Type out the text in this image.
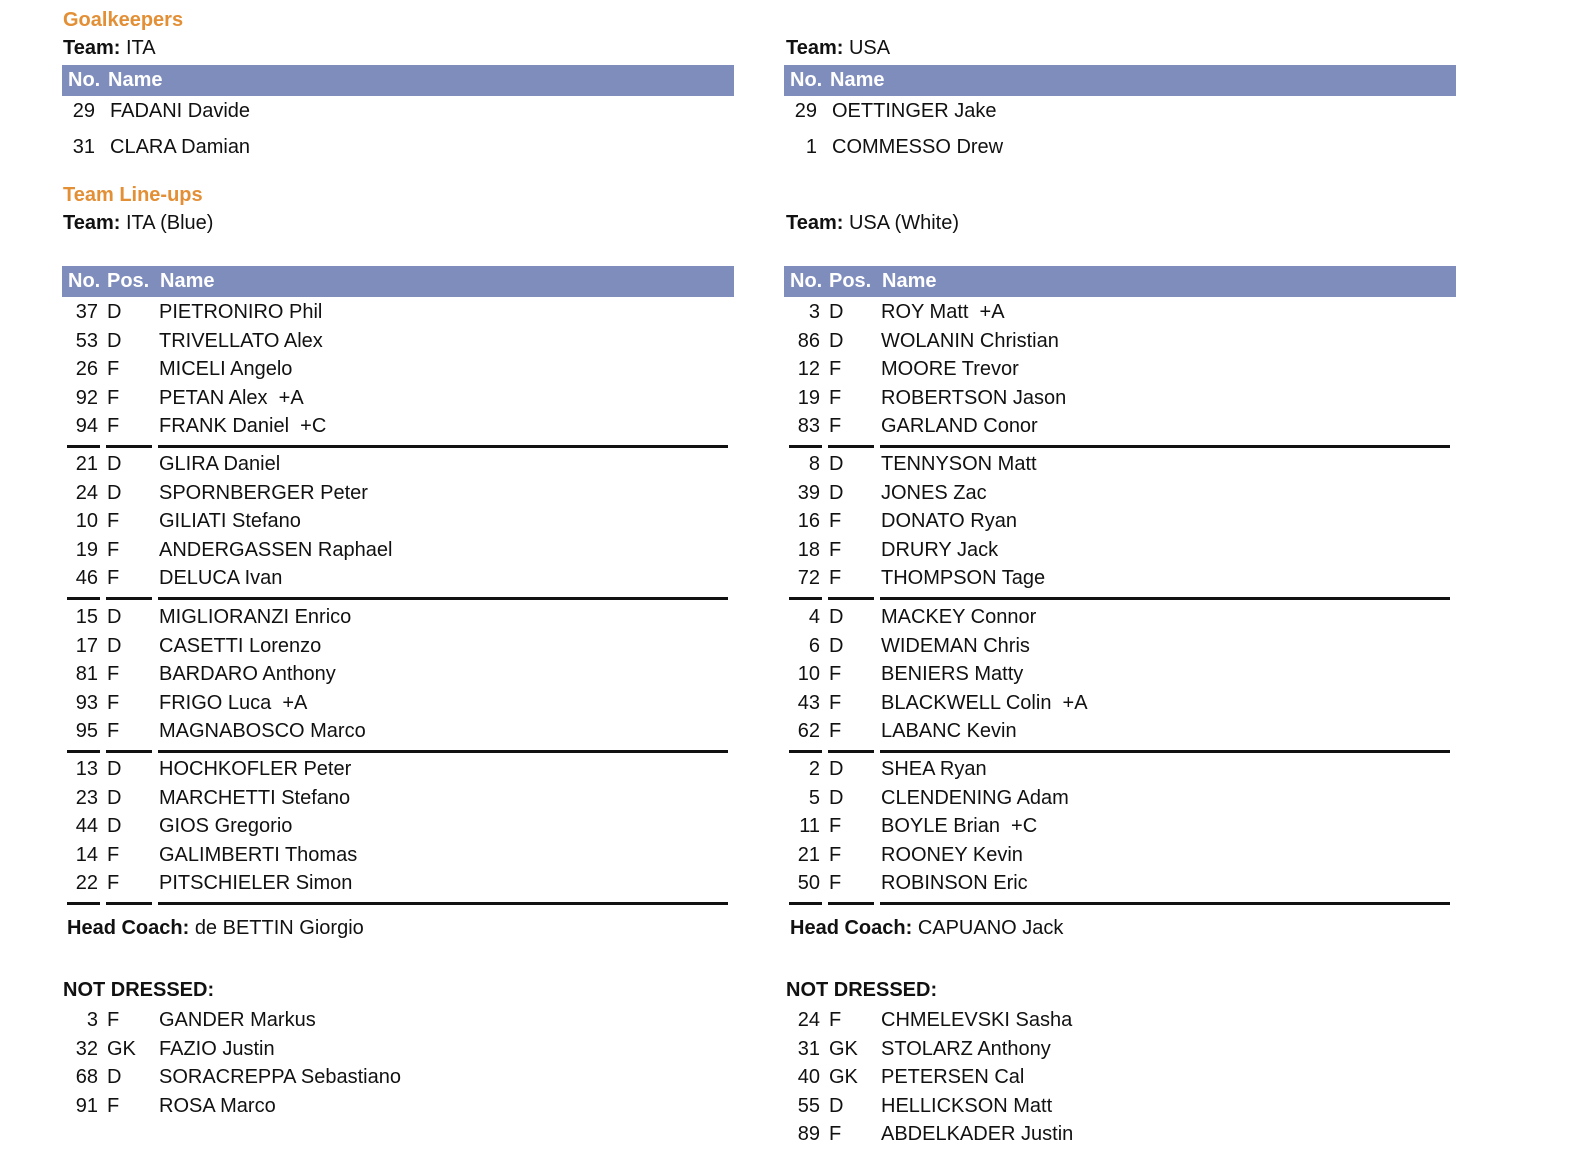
Goalkeepers
Team: ITA	Team: USA
No. Name	No. Name
29 FADANI Davide
31 CLARA Damian
29 OETTINGER Jake
1 COMMESSO Drew
Team Line-ups
Team: ITA (Blue)	Team: USA (White)
No. Pos. Name	No. Pos. Name
37 D PIETRONIRO Phil
53 D TRIVELLATO Alex
26 F MICELI Angelo
92 F PETAN Alex  +A
94 F FRANK Daniel  +C
21 D GLIRA Daniel
24 D SPORNBERGER Peter
10 F GILIATI Stefano
19 F ANDERGASSEN Raphael
46 F DELUCA Ivan
15 D MIGLIORANZI Enrico
17 D CASETTI Lorenzo
81 F BARDARO Anthony
93 F FRIGO Luca  +A
95 F MAGNABOSCO Marco
13 D HOCHKOFLER Peter
23 D MARCHETTI Stefano
44 D GIOS Gregorio
14 F GALIMBERTI Thomas
22 F PITSCHIELER Simon
3 D ROY Matt  +A
86 D WOLANIN Christian
12 F MOORE Trevor
19 F ROBERTSON Jason
83 F GARLAND Conor
8 D TENNYSON Matt
39 D JONES Zac
16 F DONATO Ryan
18 F DRURY Jack
72 F THOMPSON Tage
4 D MACKEY Connor
6 D WIDEMAN Chris
10 F BENIERS Matty
43 F BLACKWELL Colin  +A
62 F LABANC Kevin
2 D SHEA Ryan
5 D CLENDENING Adam
11 F BOYLE Brian  +C
21 F ROONEY Kevin
50 F ROBINSON Eric
Head Coach: de BETTIN Giorgio	Head Coach: CAPUANO Jack
NOT DRESSED:	NOT DRESSED:
3 F GANDER Markus
32 GK FAZIO Justin
68 D SORACREPPA Sebastiano
91 F ROSA Marco
24 F CHMELEVSKI Sasha
31 GK STOLARZ Anthony
40 GK PETERSEN Cal
55 D HELLICKSON Matt
89 F ABDELKADER Justin
